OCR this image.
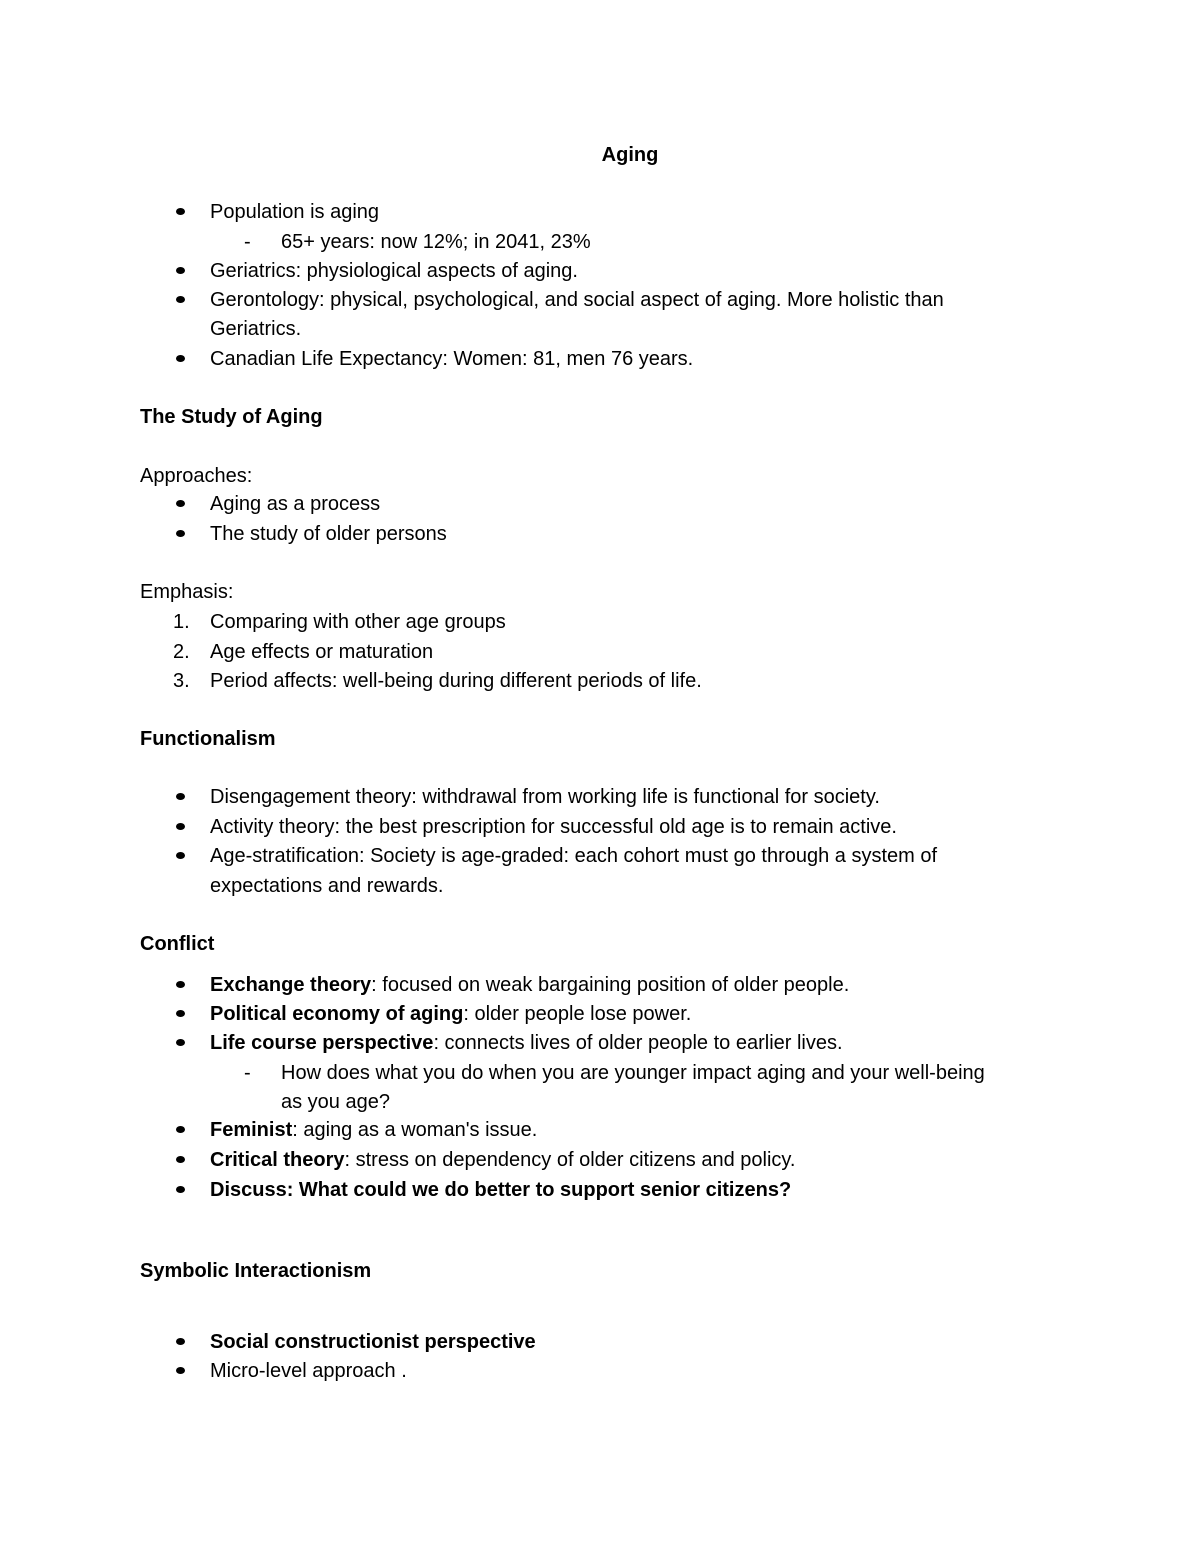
Aging
Population is aging
- 65+ years: now 12%; in 2041, 23%
Geriatrics: physiological aspects of aging.
Gerontology: physical, psychological, and social aspect of aging. More holistic than
Geriatrics.
Canadian Life Expectancy: Women: 81, men 76 years.
The Study of Aging
Approaches:
Aging as a process
The study of older persons
Emphasis:
1. Comparing with other age groups
2. Age effects or maturation
3. Period affects: well-being during different periods of life.
Functionalism
Disengagement theory: withdrawal from working life is functional for society.
Activity theory: the best prescription for successful old age is to remain active.
Age-stratification: Society is age-graded: each cohort must go through a system of
expectations and rewards.
Conflict
Exchange theory: focused on weak bargaining position of older people.
Political economy of aging: older people lose power.
Life course perspective: connects lives of older people to earlier lives.
- How does what you do when you are younger impact aging and your well-being
as you age?
Feminist: aging as a woman's issue.
Critical theory: stress on dependency of older citizens and policy.
Discuss: What could we do better to support senior citizens?
Symbolic Interactionism
Social constructionist perspective
Micro-level approach .
